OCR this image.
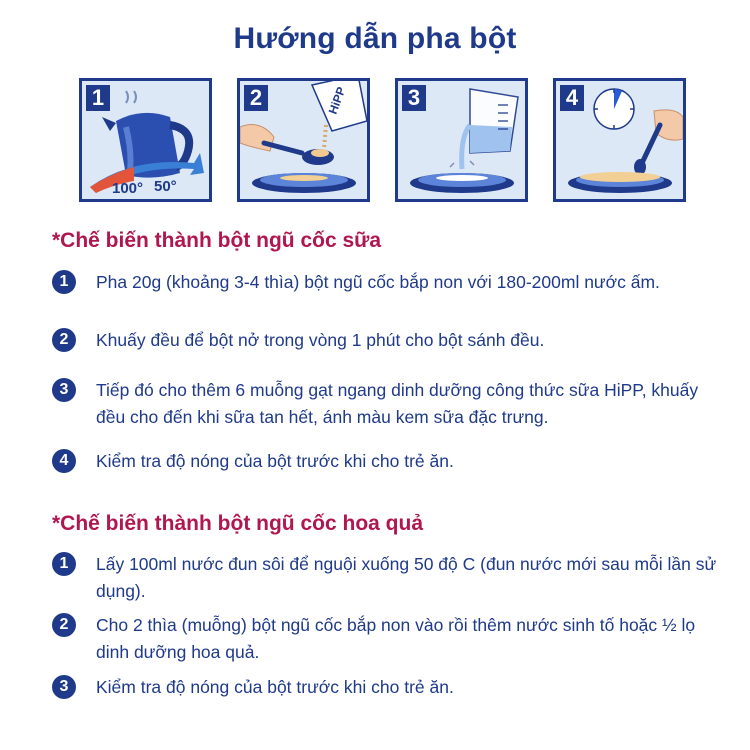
Hướng dẫn pha bột
1
100° 50°
2	HiPP	3	4
*Chế biến thành bột ngũ cốc sữa
1	Pha 20g (khoảng 3-4 thìa) bột ngũ cốc bắp non với 180-200ml nước ấm.
2	Khuấy đều để bột nở trong vòng 1 phút cho bột sánh đều.
3	Tiếp đó cho thêm 6 muỗng gạt ngang dinh dưỡng công thức sữa HiPP, khuấy đều cho đến khi sữa tan hết, ánh màu kem sữa đặc trưng.
4	Kiểm tra độ nóng của bột trước khi cho trẻ ăn.
*Chế biến thành bột ngũ cốc hoa quả
1	Lấy 100ml nước đun sôi để nguội xuống 50 độ C (đun nước mới sau mỗi lần sử dụng).
2	Cho 2 thìa (muỗng) bột ngũ cốc bắp non vào rồi thêm nước sinh tố hoặc ½ lọ dinh dưỡng hoa quả.
3	Kiểm tra độ nóng của bột trước khi cho trẻ ăn.
